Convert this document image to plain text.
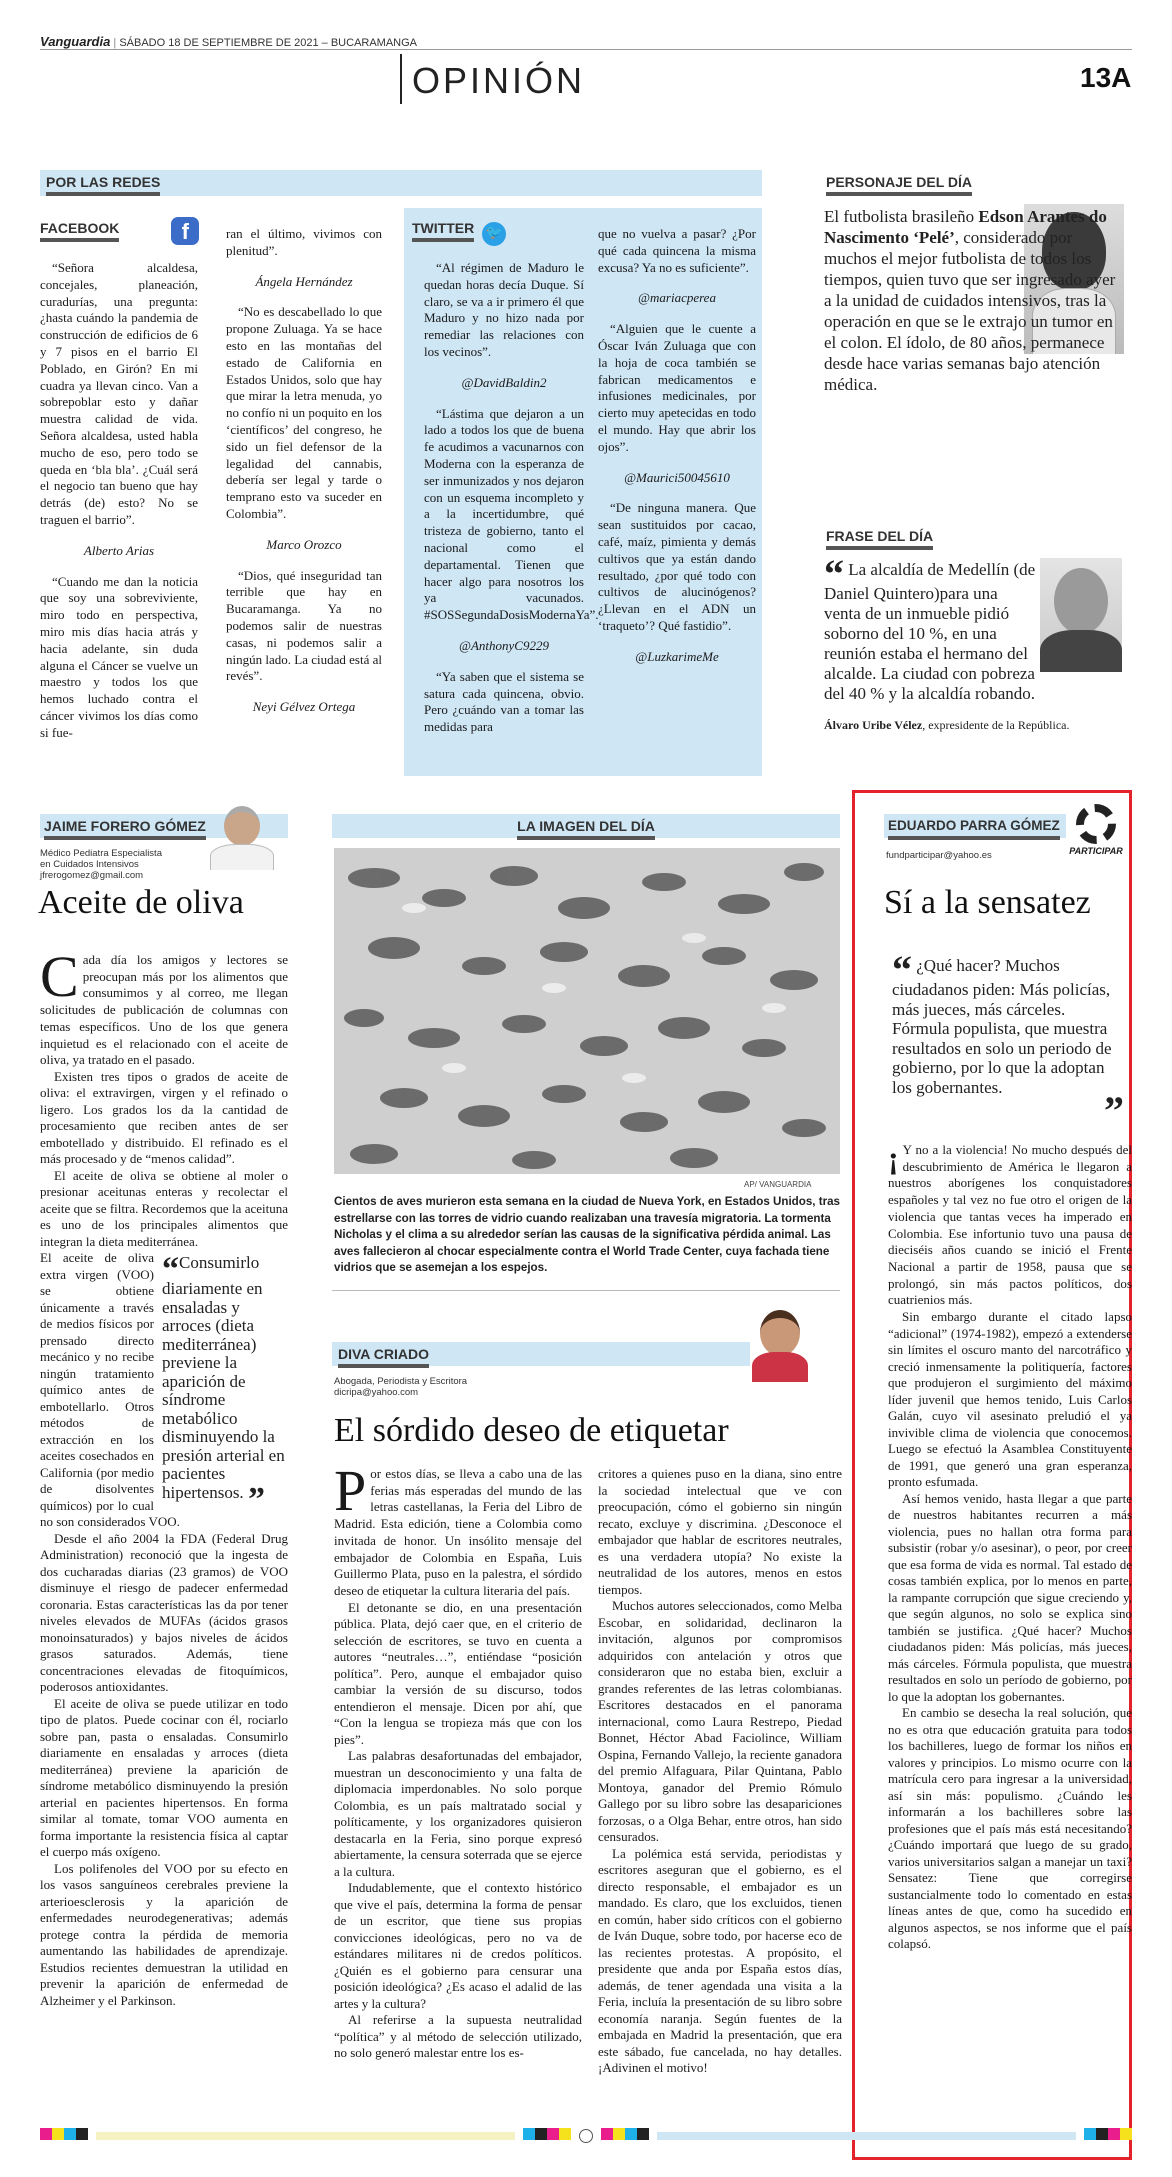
Vanguardia | SÁBADO 18 DE SEPTIEMBRE DE 2021 – BUCARAMANGA
OPINIÓN	13A
POR LAS REDES
FACEBOOK	f

“Señora alcaldesa, concejales, planeación, curadurías, una pregunta: ¿hasta cuándo la pandemia de construcción de edificios de 6 y 7 pisos en el barrio El Poblado, en Girón? En mi cuadra ya llevan cinco. Van a sobrepoblar esto y dañar muestra calidad de vida. Señora alcaldesa, usted habla mucho de eso, pero todo se queda en ‘bla bla’. ¿Cuál será el negocio tan bueno que hay detrás (de) esto? No se traguen el barrio”.

Alberto Arias

“Cuando me dan la noticia que soy una sobreviviente, miro todo en perspectiva, miro mis días hacia atrás y hacia adelante, sin duda alguna el Cáncer se vuelve un maestro y todos los que hemos luchado contra el cáncer vivimos los días como si fue-

ran el último, vivimos con plenitud”.

Ángela Hernández

“No es descabellado lo que propone Zuluaga. Ya se hace esto en las montañas del estado de California en Estados Unidos, solo que hay que mirar la letra menuda, yo no confío ni un poquito en los ‘científicos’ del congreso, he sido un fiel defensor de la legalidad del cannabis, debería ser legal y tarde o temprano esto va suceder en Colombia”.

Marco Orozco

“Dios, qué inseguridad tan terrible que hay en Bucaramanga. Ya no podemos salir de nuestras casas, ni podemos salir a ningún lado. La ciudad está al revés”.

Neyi Gélvez Ortega

TWITTER 🐦

“Al régimen de Maduro le quedan horas decía Duque. Sí claro, se va a ir primero él que Maduro y no hizo nada por remediar las relaciones con los vecinos”.

@DavidBaldin2

“Lástima que dejaron a un lado a todos los que de buena fe acudimos a vacunarnos con Moderna con la esperanza de ser inmunizados y nos dejaron con un esquema incompleto y a la incertidumbre, qué tristeza de gobierno, tanto el nacional como el departamental. Tienen que hacer algo para nosotros los ya vacunados. #SOSSegundaDosisModernaYa”.

@AnthonyC9229

“Ya saben que el sistema se satura cada quincena, obvio. Pero ¿cuándo van a tomar las medidas para

que no vuelva a pasar? ¿Por qué cada quincena la misma excusa? Ya no es suficiente”.

@mariacperea

“Alguien que le cuente a Óscar Iván Zuluaga que con la hoja de coca también se fabrican medicamentos e infusiones medicinales, por cierto muy apetecidas en todo el mundo. Hay que abrir los ojos”.

@Maurici50045610

“De ninguna manera. Que sean sustituidos por cacao, café, maíz, pimienta y demás cultivos que ya están dando resultado, ¿por qué todo con cultivos de alucinógenos? ¿Llevan en el ADN un ‘traqueto’? Qué fastidio”.

@LuzkarimeMe

PERSONAJE DEL DÍA
El futbolista brasileño Edson Arantes do Nascimento ‘Pelé’, considerado por muchos el mejor futbolista de todos los tiempos, quien tuvo que ser ingresado ayer a la unidad de cuidados intensivos, tras la operación en que se le extrajo un tumor en el colon. El ídolo, de 80 años, permanece desde hace varias semanas bajo atención médica.
FRASE DEL DÍA
“ La alcaldía de Medellín (de Daniel Quintero)para una venta de un inmueble pidió soborno del 10 %, en una reunión estaba el hermano del alcalde. La ciudad con pobreza del 40 % y la alcaldía robando.
Álvaro Uribe Vélez, expresidente de la República.
JAIME FORERO GÓMEZ
Médico Pediatra Especialista
en Cuidados Intensivos
jfrerogomez@gmail.com
Aceite de oliva

Cada día los amigos y lectores se preocupan más por los alimentos que consumimos y al correo, me llegan solicitudes de publicación de columnas con temas específicos. Uno de los que genera inquietud es el relacionado con el aceite de oliva, ya tratado en el pasado.

Existen tres tipos o grados de aceite de oliva: el extravirgen, virgen y el refinado o ligero. Los grados los da la cantidad de procesamiento que reciben antes de ser embotellado y distribuido. El refinado es el más procesado y de “menos calidad”.

El aceite de oliva se obtiene al moler o presionar aceitunas enteras y recolectar el aceite que se filtra. Recordemos que la aceituna es uno de los principales alimentos que integran la dieta mediterránea.

“Consumirlo diariamente en ensaladas y arroces (dieta mediterránea) previene la aparición de síndrome metabólico disminuyendo la presión arterial en pacientes hipertensos. ”

El aceite de oliva extra virgen (VOO) se obtiene únicamente a través de medios físicos por prensado directo mecánico y no recibe ningún tratamiento químico antes de embotellarlo. Otros métodos de extracción en los aceites cosechados en California (por medio de disolventes químicos) por lo cual no son considerados VOO.

Desde el año 2004 la FDA (Federal Drug Administration) reconoció que la ingesta de dos cucharadas diarias (23 gramos) de VOO disminuye el riesgo de padecer enfermedad coronaria. Estas características las da por tener niveles elevados de MUFAs (ácidos grasos monoinsaturados) y bajos niveles de ácidos grasos saturados. Además, tiene concentraciones elevadas de fitoquímicos, poderosos antioxidantes.

El aceite de oliva se puede utilizar en todo tipo de platos. Puede cocinar con él, rociarlo sobre pan, pasta o ensaladas. Consumirlo diariamente en ensaladas y arroces (dieta mediterránea) previene la aparición de síndrome metabólico disminuyendo la presión arterial en pacientes hipertensos. En forma similar al tomate, tomar VOO aumenta en forma importante la resistencia física al captar el cuerpo más oxígeno.

Los polifenoles del VOO por su efecto en los vasos sanguíneos cerebrales previene la arterioesclerosis y la aparición de enfermedades neurodegenerativas; además protege contra la pérdida de memoria aumentando las habilidades de aprendizaje. Estudios recientes demuestran la utilidad en prevenir la aparición de enfermedad de Alzheimer y el Parkinson.

LA IMAGEN DEL DÍA
AP/ VANGUARDIA
Cientos de aves murieron esta semana en la ciudad de Nueva York, en Estados Unidos, tras estrellarse con las torres de vidrio cuando realizaban una travesía migratoria. La tormenta Nicholas y el clima a su alrededor serían las causas de la significativa pérdida animal. Las aves fallecieron al chocar especialmente contra el World Trade Center, cuya fachada tiene vidrios que se asemejan a los espejos.
DIVA CRIADO
Abogada, Periodista y Escritora
dicripa@yahoo.com
El sórdido deseo de etiquetar

Por estos días, se lleva a cabo una de las ferias más esperadas del mundo de las letras castellanas, la Feria del Libro de Madrid. Esta edición, tiene a Colombia como invitada de honor. Un insólito mensaje del embajador de Colombia en España, Luis Guillermo Plata, puso en la palestra, el sórdido deseo de etiquetar la cultura literaria del país.

El detonante se dio, en una presentación pública. Plata, dejó caer que, en el criterio de selección de escritores, se tuvo en cuenta a autores “neutrales…”, entiéndase “posición política”. Pero, aunque el embajador quiso cambiar la versión de su discurso, todos entendieron el mensaje. Dicen por ahí, que “Con la lengua se tropieza más que con los pies”.

Las palabras desafortunadas del embajador, muestran un desconocimiento y una falta de diplomacia imperdonables. No solo porque Colombia, es un país maltratado social y políticamente, y los organizadores quisieron destacarla en la Feria, sino porque expresó abiertamente, la censura soterrada que se ejerce a la cultura.

Indudablemente, que el contexto histórico que vive el país, determina la forma de pensar de un escritor, que tiene sus propias convicciones ideológicas, pero no va de estándares militares ni de credos políticos. ¿Quién es el gobierno para censurar una posición ideológica? ¿Es acaso el adalid de las artes y la cultura?

Al referirse a la supuesta neutralidad “política” y al método de selección utilizado, no solo generó malestar entre los es-

critores a quienes puso en la diana, sino entre la sociedad intelectual que ve con preocupación, cómo el gobierno sin ningún recato, excluye y discrimina. ¿Desconoce el embajador que hablar de escritores neutrales, es una verdadera utopía? No existe la neutralidad de los autores, menos en estos tiempos.

Muchos autores seleccionados, como Melba Escobar, en solidaridad, declinaron la invitación, algunos por compromisos adquiridos con antelación y otros que consideraron que no estaba bien, excluir a grandes referentes de las letras colombianas. Escritores destacados en el panorama internacional, como Laura Restrepo, Piedad Bonnet, Héctor Abad Faciolince, William Ospina, Fernando Vallejo, la reciente ganadora del premio Alfaguara, Pilar Quintana, Pablo Montoya, ganador del Premio Rómulo Gallego por su libro sobre las desapariciones forzosas, o a Olga Behar, entre otros, han sido censurados.

La polémica está servida, periodistas y escritores aseguran que el gobierno, es el directo responsable, el embajador es un mandado. Es claro, que los excluidos, tienen en común, haber sido críticos con el gobierno de Iván Duque, sobre todo, por hacerse eco de las recientes protestas. A propósito, el presidente que anda por España estos días, además, de tener agendada una visita a la Feria, incluía la presentación de su libro sobre economía naranja. Según fuentes de la embajada en Madrid la presentación, que era este sábado, fue cancelada, no hay detalles. ¡Adivinen el motivo!

EDUARDO PARRA GÓMEZ
PARTICIPAR
fundparticipar@yahoo.es
Sí a la sensatez
“ ¿Qué hacer? Muchos ciudadanos piden: Más policías, más jueces, más cárceles. Fórmula populista, que muestra resultados en solo un periodo de gobierno, por lo que la adoptan los gobernantes.
”

¡ Y no a la violencia! No mucho después del descubrimiento de América le llegaron a nuestros aborígenes los conquistadores españoles y tal vez no fue otro el origen de la violencia que tantas veces ha imperado en Colombia. Ese infortunio tuvo una pausa de dieciséis años cuando se inició el Frente Nacional a partir de 1958, pausa que se prolongó, sin más pactos políticos, dos cuatrienios más.

Sin embargo durante el citado lapso “adicional” (1974-1982), empezó a extenderse sin límites el oscuro manto del narcotráfico y creció inmensamente la politiquería, factores que produjeron el surgimiento del máximo líder juvenil que hemos tenido, Luis Carlos Galán, cuyo vil asesinato preludió el ya invivible clima de violencia que conocemos. Luego se efectuó la Asamblea Constituyente de 1991, que generó una gran esperanza, pronto esfumada.

Así hemos venido, hasta llegar a que parte de nuestros habitantes recurren a más violencia, pues no hallan otra forma para subsistir (robar y/o asesinar), o peor, por creer que esa forma de vida es normal. Tal estado de cosas también explica, por lo menos en parte, la rampante corrupción que sigue creciendo y, que según algunos, no solo se explica sino también se justifica. ¿Qué hacer? Muchos ciudadanos piden: Más policías, más jueces, más cárceles. Fórmula populista, que muestra resultados en solo un período de gobierno, por lo que la adoptan los gobernantes.

En cambio se desecha la real solución, que no es otra que educación gratuita para todos los bachilleres, luego de formar los niños en valores y principios. Lo mismo ocurre con la matrícula cero para ingresar a la universidad, así sin más: populismo. ¿Cuándo les informarán a los bachilleres sobre las profesiones que el país más está necesitando? ¿Cuándo importará que luego de su grado, varios universitarios salgan a manejar un taxi? Sensatez: Tiene que corregirse sustancialmente todo lo comentado en estas líneas antes de que, como ha sucedido en algunos aspectos, se nos informe que el país colapsó.
